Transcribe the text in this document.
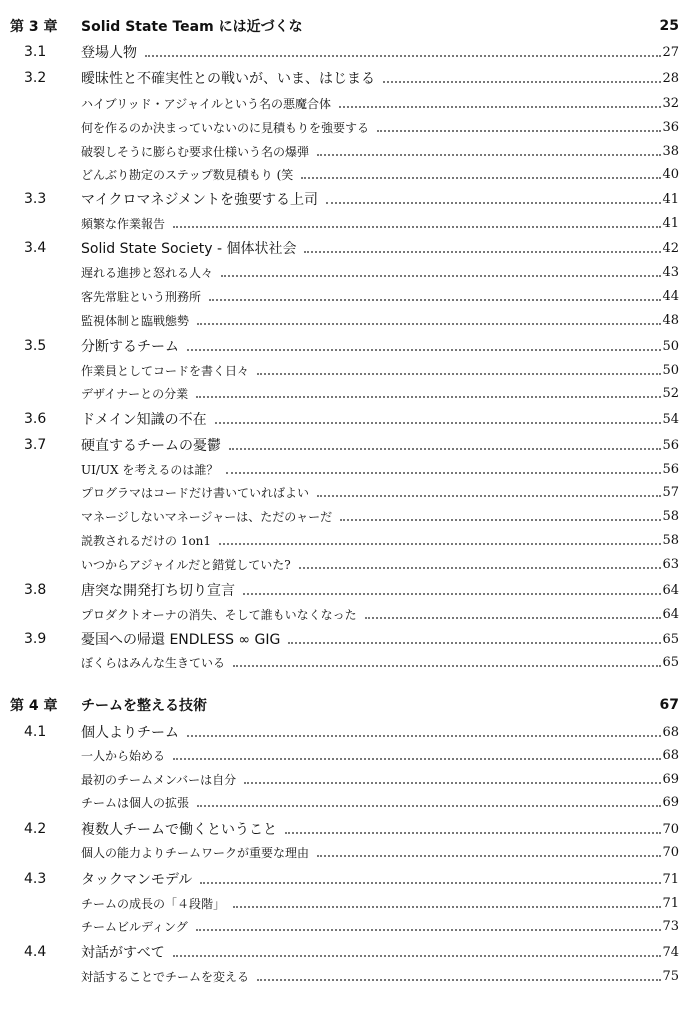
第 3 章 Solid State Team には近づくな	25
3.1 登場人物	27
3.2 曖昧性と不確実性との戦いが、いま、はじまる	28
ハイブリッド・アジャイルという名の悪魔合体	32
何を作るのか決まっていないのに見積もりを強要する	36
破裂しそうに膨らむ要求仕様いう名の爆弾	38
どんぶり勘定のステップ数見積もり (笑	40
3.3 マイクロマネジメントを強要する上司	41
頻繁な作業報告	41
3.4 Solid State Society - 個体状社会	42
遅れる進捗と怒れる人々	43
客先常駐という刑務所	44
監視体制と臨戦態勢	48
3.5 分断するチーム	50
作業員としてコードを書く日々	50
デザイナーとの分業	52
3.6 ドメイン知識の不在	54
3.7 硬直するチームの憂鬱	56
UI/UX を考えるのは誰？	56
プログラマはコードだけ書いていればよい	57
マネージしないマネージャーは、ただのャーだ	58
説教されるだけの 1on1	58
いつからアジャイルだと錯覚していた?	63
3.8 唐突な開発打ち切り宣言	64
プロダクトオーナの消失、そして誰もいなくなった	64
3.9 憂国への帰還 ENDLESS ∞ GIG	65
ぼくらはみんな生きている	65
第 4 章 チームを整える技術	67
4.1 個人よりチーム	68
一人から始める	68
最初のチームメンバーは自分	69
チームは個人の拡張	69
4.2 複数人チームで働くということ	70
個人の能力よりチームワークが重要な理由	70
4.3 タックマンモデル	71
チームの成長の「４段階」	71
チームビルディング	73
4.4 対話がすべて	74
対話することでチームを変える	75
